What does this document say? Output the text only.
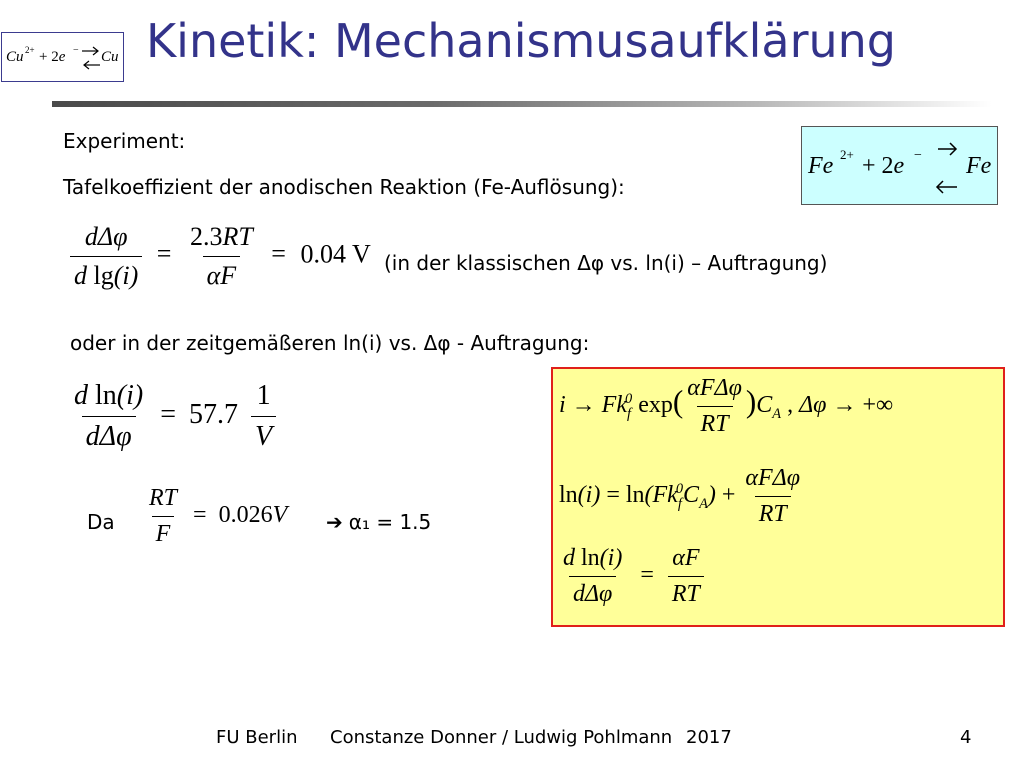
Kinetik: Mechanismusaufklärung
Cu 2+ + 2e − Cu
Experiment:
Tafelkoeffizient der anodischen Reaktion (Fe-Auflösung):
Fe 2+ + 2e − Fe
$\frac{\text{dΔφ}}{\text{d lg(i)}} = \frac{2.3RT}{\alpha F} = 0.04$ V (in der klassischen Δφ vs. ln(i) – Auftragung)
oder in der zeitgemäßeren ln(i) vs. Δφ - Auftragung:
$\frac{\text{d ln(i)}}{\text{dΔφ}} = 57.7 \frac{1}{V}$
Da $\frac{RT}{F} = 0.026V$ ➔ α₁ = 1.5
$i \to Fk_f^0$ $\exp( \frac{\text{αFΔφ}}{RT} )C_A$ , Δφ → +∞
$\ln(i) = \ln(Fk_f^0C_A) + \frac{\text{αFΔφ}}{RT}$
$\frac{\text{d ln(i)}}{\text{dΔφ}} = \frac{\alpha F}{RT}$
FU Berlin Constanze Donner / Ludwig Pohlmann 2017	4
